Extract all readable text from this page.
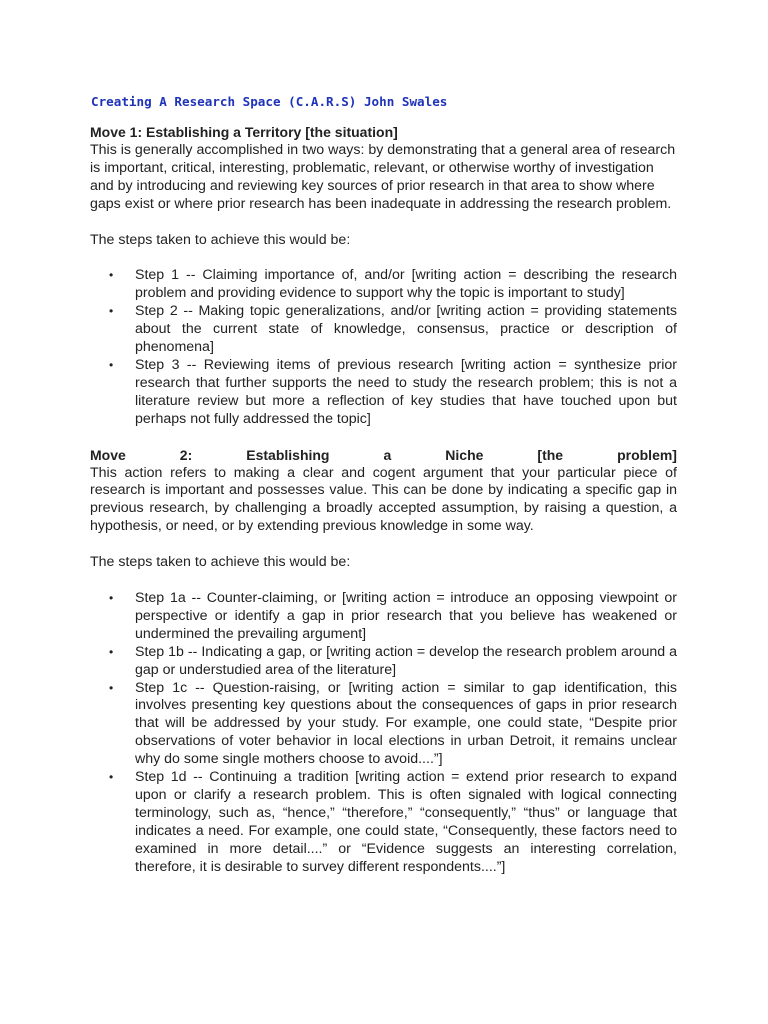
Creating A Research Space (C.A.R.S) John Swales
Move 1: Establishing a Territory [the situation]

This is generally accomplished in two ways: by demonstrating that a general area of research is important, critical, interesting, problematic, relevant, or otherwise worthy of investigation and by introducing and reviewing key sources of prior research in that area to show where gaps exist or where prior research has been inadequate in addressing the research problem.

The steps taken to achieve this would be:

• Step 1 -- Claiming importance of, and/or [writing action = describing the research problem and providing evidence to support why the topic is important to study]
• Step 2 -- Making topic generalizations, and/or [writing action = providing statements about the current state of knowledge, consensus, practice or description of phenomena]
• Step 3 -- Reviewing items of previous research [writing action = synthesize prior research that further supports the need to study the research problem; this is not a literature review but more a reflection of key studies that have touched upon but perhaps not fully addressed the topic]
Move	2:	Establishing	a	Niche	[the	problem]

This action refers to making a clear and cogent argument that your particular piece of research is important and possesses value. This can be done by indicating a specific gap in previous research, by challenging a broadly accepted assumption, by raising a question, a hypothesis, or need, or by extending previous knowledge in some way.

The steps taken to achieve this would be:

• Step 1a -- Counter-claiming, or [writing action = introduce an opposing viewpoint or perspective or identify a gap in prior research that you believe has weakened or undermined the prevailing argument]
• Step 1b -- Indicating a gap, or [writing action = develop the research problem around a gap or understudied area of the literature]
• Step 1c -- Question-raising, or [writing action = similar to gap identification, this involves presenting key questions about the consequences of gaps in prior research that will be addressed by your study. For example, one could state, “Despite prior observations of voter behavior in local elections in urban Detroit, it remains unclear why do some single mothers choose to avoid....”]
• Step 1d -- Continuing a tradition [writing action = extend prior research to expand upon or clarify a research problem. This is often signaled with logical connecting terminology, such as, “hence,” “therefore,” “consequently,” “thus” or language that indicates a need. For example, one could state, “Consequently, these factors need to examined in more detail....” or “Evidence suggests an interesting correlation, therefore, it is desirable to survey different respondents....”]
